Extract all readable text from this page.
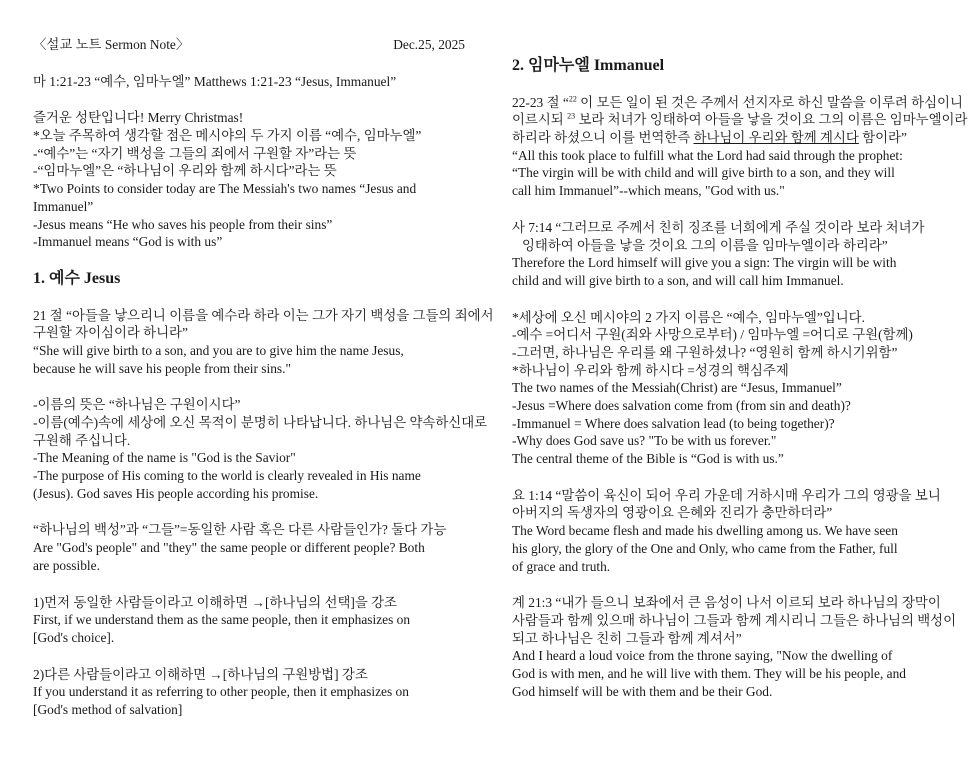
〈설교 노트 Sermon Note〉	Dec.25, 2025
마 1:21-23 “예수, 임마누엘” Matthews 1:21-23 “Jesus, Immanuel”
즐거운 성탄입니다! Merry Christmas!
*오늘 주목하여 생각할 점은 메시야의 두 가지 이름 “예수, 임마누엘”
-“예수”는 “자기 백성을 그들의 죄에서 구원할 자”라는 뜻
-“임마누엘”은 “하나님이 우리와 함께 하시다”라는 뜻
*Two Points to consider today are The Messiah's two names “Jesus and
Immanuel”
-Jesus means “He who saves his people from their sins”
-Immanuel means “God is with us”
1. 예수 Jesus
21 절 “아들을 낳으리니 이름을 예수라 하라 이는 그가 자기 백성을 그들의 죄에서
구원할 자이심이라 하니라”
“She will give birth to a son, and you are to give him the name Jesus,
because he will save his people from their sins."
-이름의 뜻은 “하나님은 구원이시다”
-이름(예수)속에 세상에 오신 목적이 분명히 나타납니다. 하나님은 약속하신대로
구원해 주십니다.
-The Meaning of the name is "God is the Savior"
-The purpose of His coming to the world is clearly revealed in His name
(Jesus). God saves His people according his promise.
“하나님의 백성”과 “그들”=동일한 사람 혹은 다른 사람들인가? 둘다 가능
Are "God's people" and "they" the same people or different people? Both
are possible.
1)먼저 동일한 사람들이라고 이해하면 →[하나님의 선택]을 강조
First, if we understand them as the same people, then it emphasizes on
[God's choice].
2)다른 사람들이라고 이해하면 →[하나님의 구원방법] 강조
If you understand it as referring to other people, then it emphasizes on
[God's method of salvation]
2. 임마누엘 Immanuel
22-23 절 “$^{22}$ 이 모든 일이 된 것은 주께서 선지자로 하신 말씀을 이루려 하심이니
이르시되 $^{23}$ 보라 처녀가 잉태하여 아들을 낳을 것이요 그의 이름은 임마누엘이라
하리라 하셨으니 이를 번역한즉 하나님이 우리와 함께 계시다 함이라”
“All this took place to fulfill what the Lord had said through the prophet:
“The virgin will be with child and will give birth to a son, and they will
call him Immanuel”--which means, "God with us."
사 7:14 “그러므로 주께서 친히 징조를 너희에게 주실 것이라 보라 처녀가
잉태하여 아들을 낳을 것이요 그의 이름을 임마누엘이라 하리라”
Therefore the Lord himself will give you a sign: The virgin will be with
child and will give birth to a son, and will call him Immanuel.
*세상에 오신 메시야의 2 가지 이름은 “예수, 임마누엘”입니다.
-예수 =어디서 구원(죄와 사망으로부터) / 임마누엘 =어디로 구원(함께)
-그러면, 하나님은 우리를 왜 구원하셨나? “영원히 함께 하시기위함”
*하나님이 우리와 함께 하시다 =성경의 핵심주제
The two names of the Messiah(Christ) are “Jesus, Immanuel”
-Jesus =Where does salvation come from (from sin and death)?
-Immanuel = Where does salvation lead (to being together)?
-Why does God save us? "To be with us forever."
The central theme of the Bible is “God is with us.”
요 1:14 “말씀이 육신이 되어 우리 가운데 거하시매 우리가 그의 영광을 보니
아버지의 독생자의 영광이요 은혜와 진리가 충만하더라”
The Word became flesh and made his dwelling among us. We have seen
his glory, the glory of the One and Only, who came from the Father, full
of grace and truth.
계 21:3 “내가 들으니 보좌에서 큰 음성이 나서 이르되 보라 하나님의 장막이
사람들과 함께 있으매 하나님이 그들과 함께 계시리니 그들은 하나님의 백성이
되고 하나님은 친히 그들과 함께 계셔서”
And I heard a loud voice from the throne saying, "Now the dwelling of
God is with men, and he will live with them. They will be his people, and
God himself will be with them and be their God.
